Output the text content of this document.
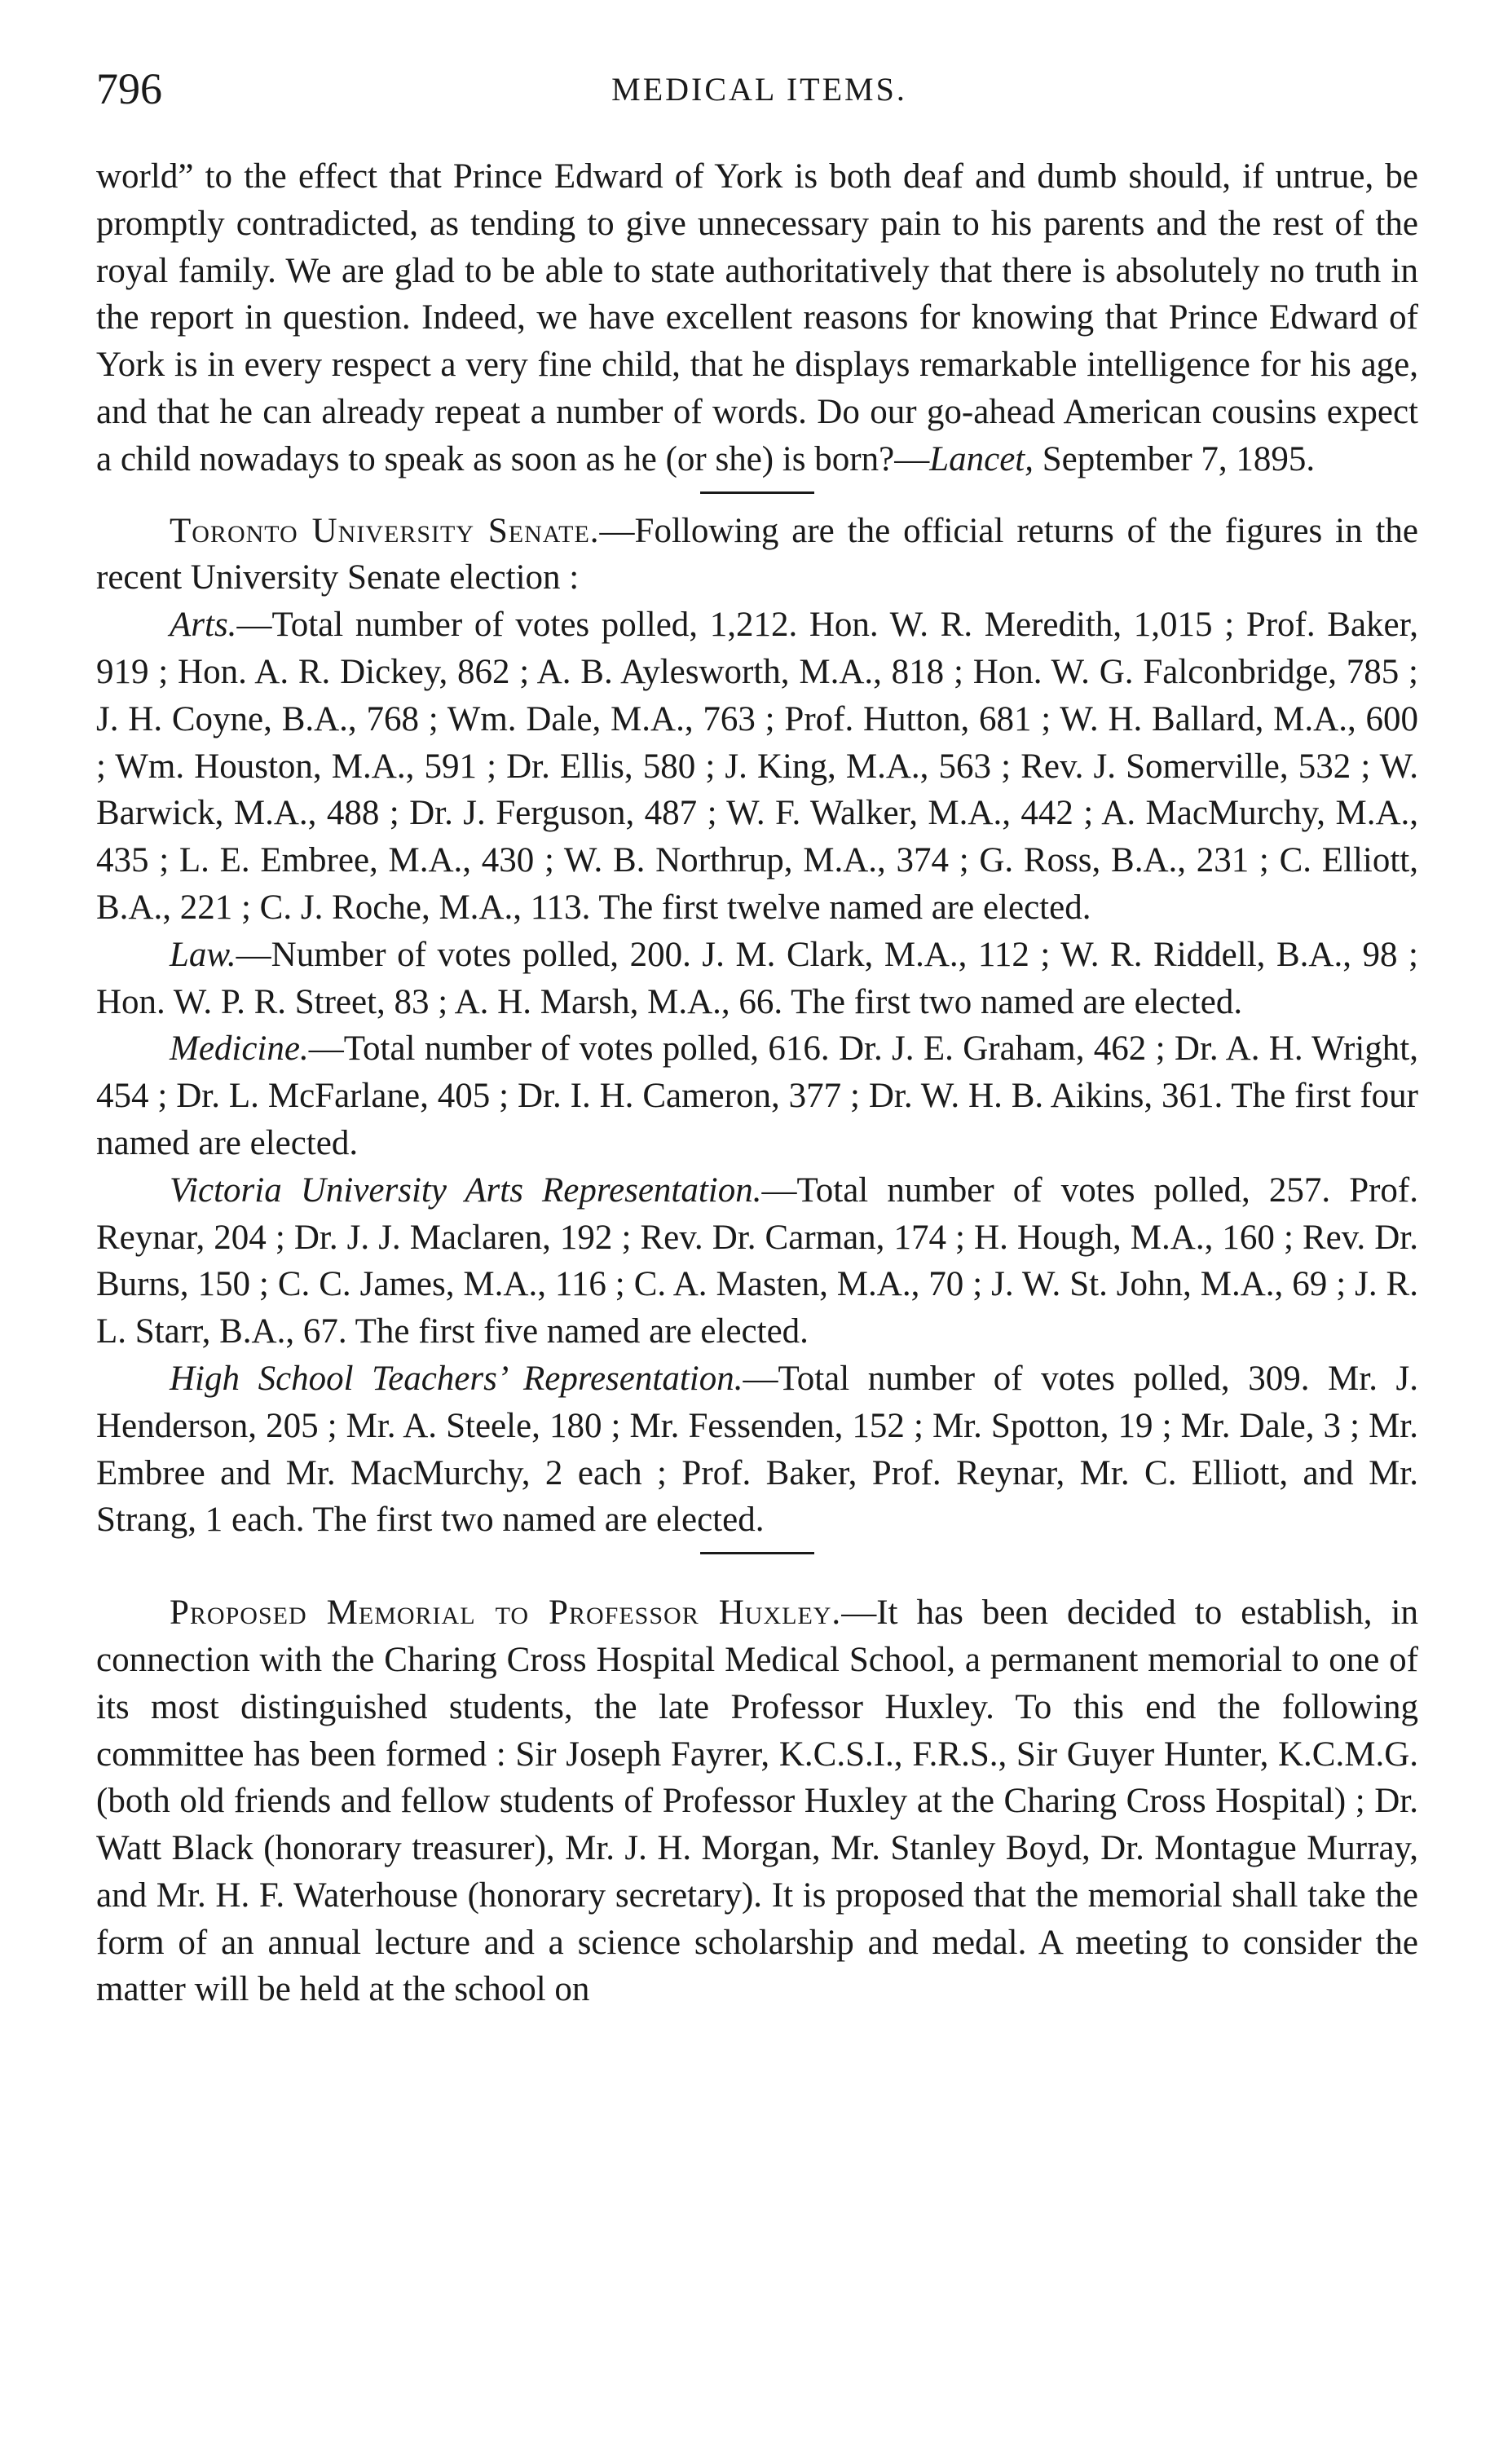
796	MEDICAL ITEMS.

world” to the effect that Prince Edward of York is both deaf and dumb should, if untrue, be promptly contradicted, as tending to give unnecessary pain to his parents and the rest of the royal family. We are glad to be able to state authoritatively that there is absolutely no truth in the report in question. Indeed, we have excellent reasons for knowing that Prince Edward of York is in every respect a very fine child, that he displays remarkable intelligence for his age, and that he can already repeat a number of words. Do our go-ahead American cousins expect a child nowadays to speak as soon as he (or she) is born?—Lancet, September 7, 1895.

Toronto University Senate.—Following are the official returns of the figures in the recent University Senate election :

Arts.—Total number of votes polled, 1,212. Hon. W. R. Meredith, 1,015 ; Prof. Baker, 919 ; Hon. A. R. Dickey, 862 ; A. B. Aylesworth, M.A., 818 ; Hon. W. G. Falconbridge, 785 ; J. H. Coyne, B.A., 768 ; Wm. Dale, M.A., 763 ; Prof. Hutton, 681 ; W. H. Ballard, M.A., 600 ; Wm. Houston, M.A., 591 ; Dr. Ellis, 580 ; J. King, M.A., 563 ; Rev. J. Somerville, 532 ; W. Barwick, M.A., 488 ; Dr. J. Ferguson, 487 ; W. F. Walker, M.A., 442 ; A. MacMurchy, M.A., 435 ; L. E. Embree, M.A., 430 ; W. B. Northrup, M.A., 374 ; G. Ross, B.A., 231 ; C. Elliott, B.A., 221 ; C. J. Roche, M.A., 113. The first twelve named are elected.

Law.—Number of votes polled, 200. J. M. Clark, M.A., 112 ; W. R. Riddell, B.A., 98 ; Hon. W. P. R. Street, 83 ; A. H. Marsh, M.A., 66. The first two named are elected.

Medicine.—Total number of votes polled, 616. Dr. J. E. Graham, 462 ; Dr. A. H. Wright, 454 ; Dr. L. McFarlane, 405 ; Dr. I. H. Cameron, 377 ; Dr. W. H. B. Aikins, 361. The first four named are elected.

Victoria University Arts Representation.—Total number of votes polled, 257. Prof. Reynar, 204 ; Dr. J. J. Maclaren, 192 ; Rev. Dr. Carman, 174 ; H. Hough, M.A., 160 ; Rev. Dr. Burns, 150 ; C. C. James, M.A., 116 ; C. A. Masten, M.A., 70 ; J. W. St. John, M.A., 69 ; J. R. L. Starr, B.A., 67. The first five named are elected.

High School Teachers’ Representation.—Total number of votes polled, 309. Mr. J. Henderson, 205 ; Mr. A. Steele, 180 ; Mr. Fessenden, 152 ; Mr. Spotton, 19 ; Mr. Dale, 3 ; Mr. Embree and Mr. MacMurchy, 2 each ; Prof. Baker, Prof. Reynar, Mr. C. Elliott, and Mr. Strang, 1 each. The first two named are elected.

Proposed Memorial to Professor Huxley.—It has been decided to establish, in connection with the Charing Cross Hospital Medical School, a permanent memorial to one of its most distinguished students, the late Professor Huxley. To this end the following committee has been formed : Sir Joseph Fayrer, K.C.S.I., F.R.S., Sir Guyer Hunter, K.C.M.G. (both old friends and fellow students of Professor Huxley at the Charing Cross Hospital) ; Dr. Watt Black (honorary treasurer), Mr. J. H. Morgan, Mr. Stanley Boyd, Dr. Montague Murray, and Mr. H. F. Waterhouse (honorary secretary). It is proposed that the memorial shall take the form of an annual lecture and a science scholarship and medal. A meeting to consider the matter will be held at the school on
